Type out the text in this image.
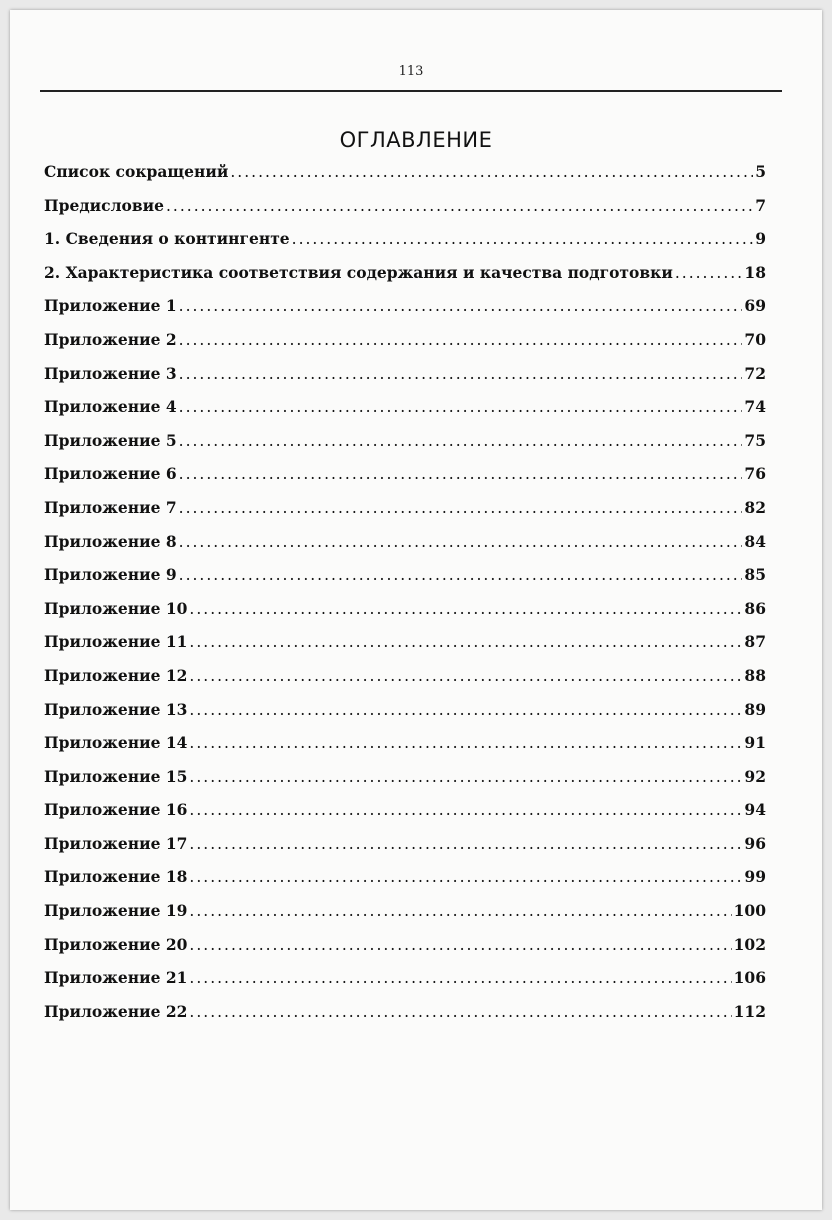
113
ОГЛАВЛЕНИЕ
Список сокращений .....	5
Предисловие .....	7
1. Сведения о контингенте .....	9
2. Характеристика соответствия содержания и качества подготовки .....	18
Приложение 1 .....	69
Приложение 2 .....	70
Приложение 3 .....	72
Приложение 4 .....	74
Приложение 5 .....	75
Приложение 6 .....	76
Приложение 7 .....	82
Приложение 8 .....	84
Приложение 9 .....	85
Приложение 10 .....	86
Приложение 11 .....	87
Приложение 12 .....	88
Приложение 13 .....	89
Приложение 14 .....	91
Приложение 15 .....	92
Приложение 16 .....	94
Приложение 17 .....	96
Приложение 18 .....	99
Приложение 19 .....	100
Приложение 20 .....	102
Приложение 21 .....	106
Приложение 22 .....	112
